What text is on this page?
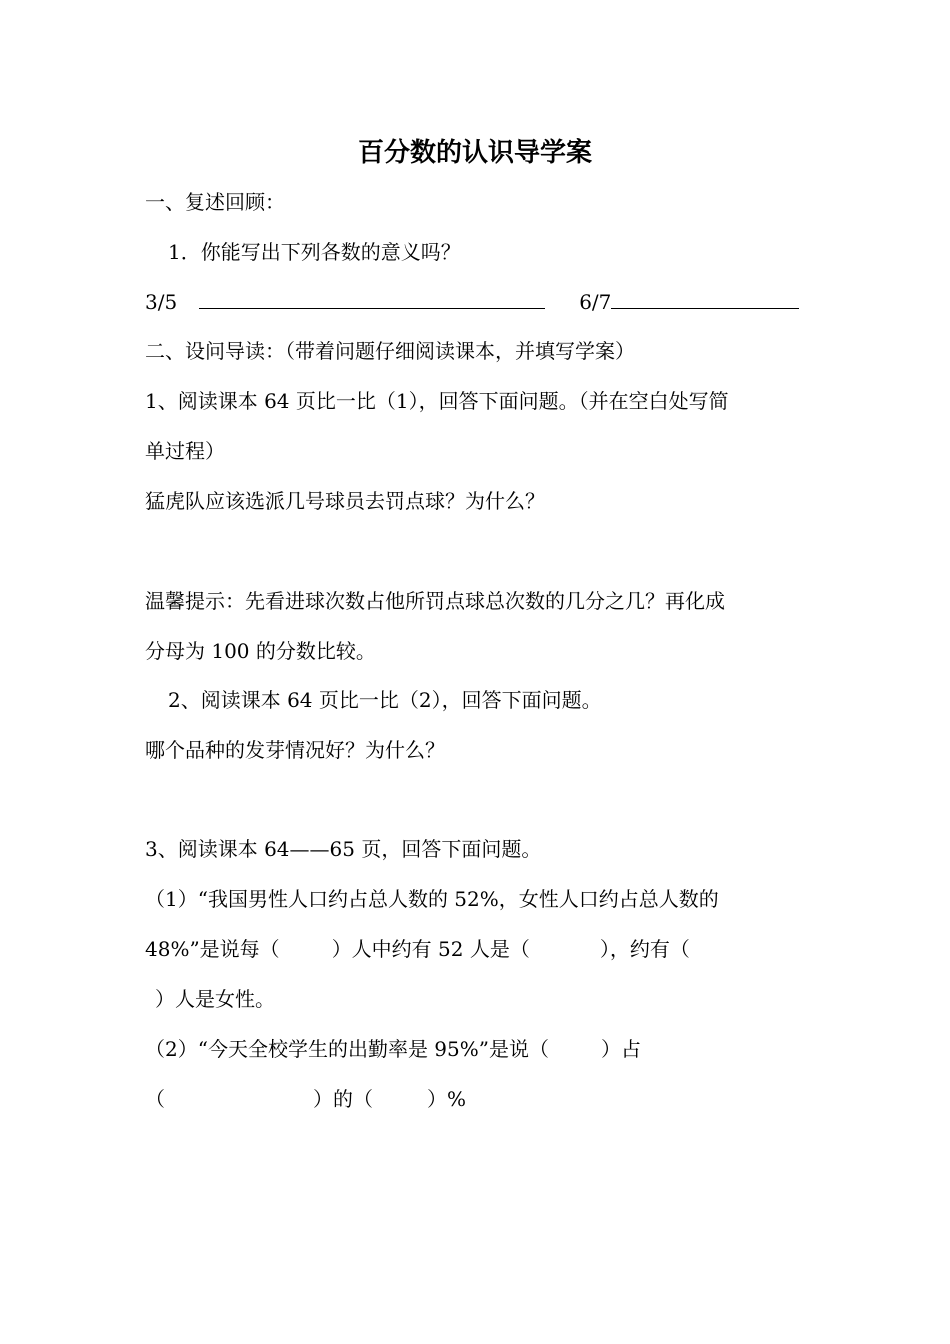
百分数的认识导学案
一、复述回顾：
1．你能写出下列各数的意义吗？
3/5	6/7
二、设问导读：（带着问题仔细阅读课本，并填写学案）
1、阅读课本 64 页比一比（1），回答下面问题。（并在空白处写简
单过程）
猛虎队应该选派几号球员去罚点球？为什么？
温馨提示：先看进球次数占他所罚点球总次数的几分之几？再化成
分母为 100 的分数比较。
2、阅读课本 64 页比一比（2），回答下面问题。
哪个品种的发芽情况好？为什么？
3、阅读课本 64——65 页，回答下面问题。
（1）“我国男性人口约占总人数的 52%，女性人口约占总人数的
48%”是说每（	）人中约有 52 人是（	），约有（
）人是女性。
（2）“今天全校学生的出勤率是 95%”是说（	）占
（	）的（	）%
